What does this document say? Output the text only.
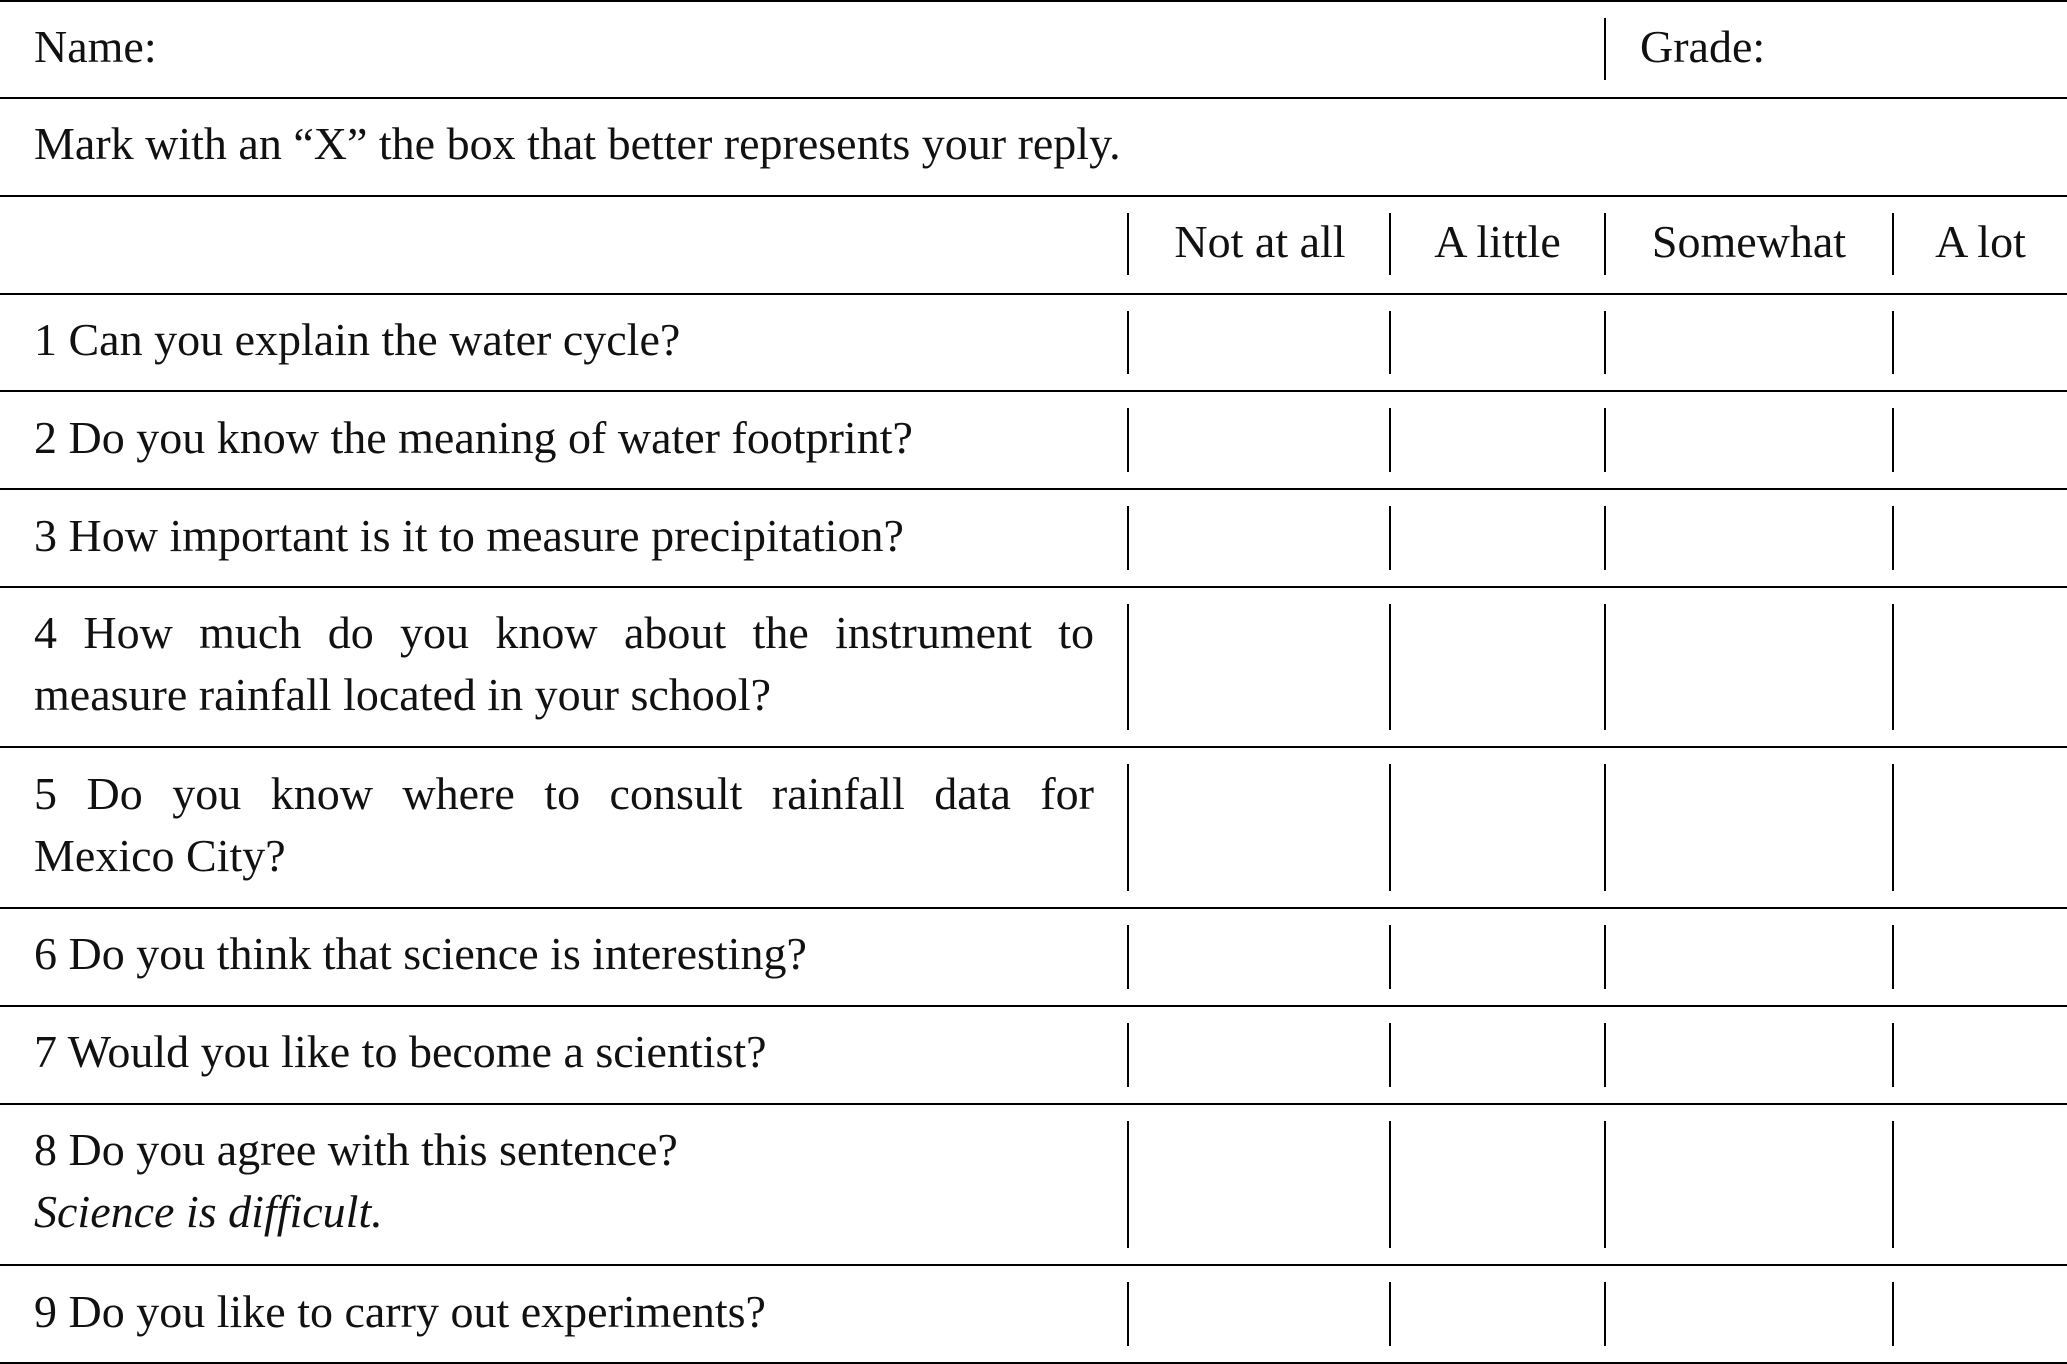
Name:	Grade:
Mark with an “X” the box that better represents your reply.
Not at all	A little	Somewhat	A lot
1 Can you explain the water cycle?
2 Do you know the meaning of water footprint?
3 How important is it to measure precipitation?
4 How much do you know about the instrument to
measure rainfall located in your school?
5 Do you know where to consult rainfall data for
Mexico City?
6 Do you think that science is interesting?
7 Would you like to become a scientist?
8 Do you agree with this sentence?
Science is difficult.
9 Do you like to carry out experiments?
